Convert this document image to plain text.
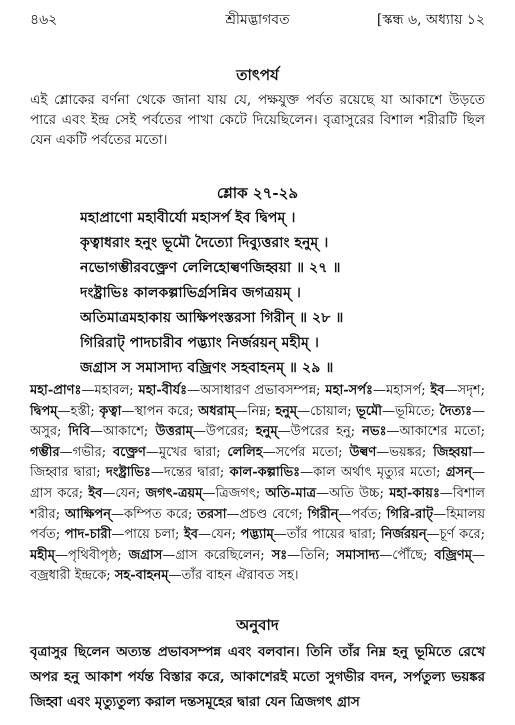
৪৬২	শ্রীমদ্ভাগবত	[স্কন্ধ ৬, অধ্যায় ১২
তাৎপর্য
এই শ্লোকের বর্ণনা থেকে জানা যায় যে, পক্ষযুক্ত পর্বত রয়েছে যা আকাশে উড়তে পারে এবং ইন্দ্র সেই পর্বতের পাখা কেটে দিয়েছিলেন। বৃত্রাসুরের বিশাল শরীরটি ছিল যেন একটি পর্বতের মতো।
শ্লোক ২৭-২৯
মহাপ্রাণো মহাবীর্যো মহাসর্প ইব দ্বিপম্ ।
কৃত্বাধরাং হনুং ভূমৌ দৈত্যো দিব্যুত্তরাং হনুম্ ।
নভোগম্ভীরবক্ত্রেণ লেলিহোল্বণজিহ্বয়া ॥ ২৭ ॥
দংষ্ট্রাভিঃ কালকল্পাভির্গ্রসন্নিব জগত্রয়ম্ ।
অতিমাত্রমহাকায় আক্ষিপংস্তরসা গিরীন্ ॥ ২৮ ॥
গিরিরাট্ পাদচারীব পদ্ভ্যাং নির্জরয়ন্ মহীম্ ।
জগ্রাস স সমাসাদ্য বজ্রিণং সহবাহনম্ ॥ ২৯ ॥
মহা-প্রাণঃ—মহাবল; মহা-বীর্যঃ—অসাধারণ প্রভাবসম্পন্ন; মহা-সর্পঃ—মহাসর্প; ইব—সদৃশ; দ্বিপম্—হস্তী; কৃত্বা—স্থাপন করে; অধরাম্—নিম্ন; হনুম্—চোয়াল; ভূমৌ—ভূমিতে; দৈত্যঃ—অসুর; দিবি—আকাশে; উত্তরাম্—উপরের; হনুম্—উপরের হনু; নভঃ—আকাশের মতো; গম্ভীর—গভীর; বক্ত্রেণ—মুখের দ্বারা; লেলিহ—সর্পের মতো; উল্বণ—ভয়ঙ্কর; জিহ্বয়া—জিহ্বার দ্বারা; দংষ্ট্রাভিঃ—দন্তের দ্বারা; কাল-কল্পাভিঃ—কাল অর্থাৎ মৃত্যুর মতো; গ্রসন্—গ্রাস করে; ইব—যেন; জগৎ-ত্রয়ম্—ত্রিজগৎ; অতি-মাত্র—অতি উচ্চ; মহা-কায়ঃ—বিশাল শরীর; আক্ষিপন্—কম্পিত করে; তরসা—প্রচণ্ড বেগে; গিরীন্—পর্বত; গিরি-রাট্—হিমালয় পর্বত; পাদ-চারী—পায়ে চলা; ইব—যেন; পদ্ভ্যাম্—তাঁর পায়ের দ্বারা; নির্জরয়ন্—চূর্ণ করে; মহীম্—পৃথিবীপৃষ্ঠ; জগ্রাস—গ্রাস করেছিলেন; সঃ—তিনি; সমাসাদ্য—পৌঁছে; বজ্রিণম্—বজ্রধারী ইন্দ্রকে; সহ-বাহনম্—তাঁর বাহন ঐরাবত সহ।
অনুবাদ
বৃত্রাসুর ছিলেন অত্যন্ত প্রভাবসম্পন্ন এবং বলবান। তিনি তাঁর নিম্ন হনু ভূমিতে রেখে অপর হনু আকাশ পর্যন্ত বিস্তার করে, আকাশেরই মতো সুগভীর বদন, সর্পতুল্য ভয়ঙ্কর জিহ্বা এবং মৃত্যুতুল্য করাল দন্তসমূহের দ্বারা যেন ত্রিজগৎ গ্রাস
